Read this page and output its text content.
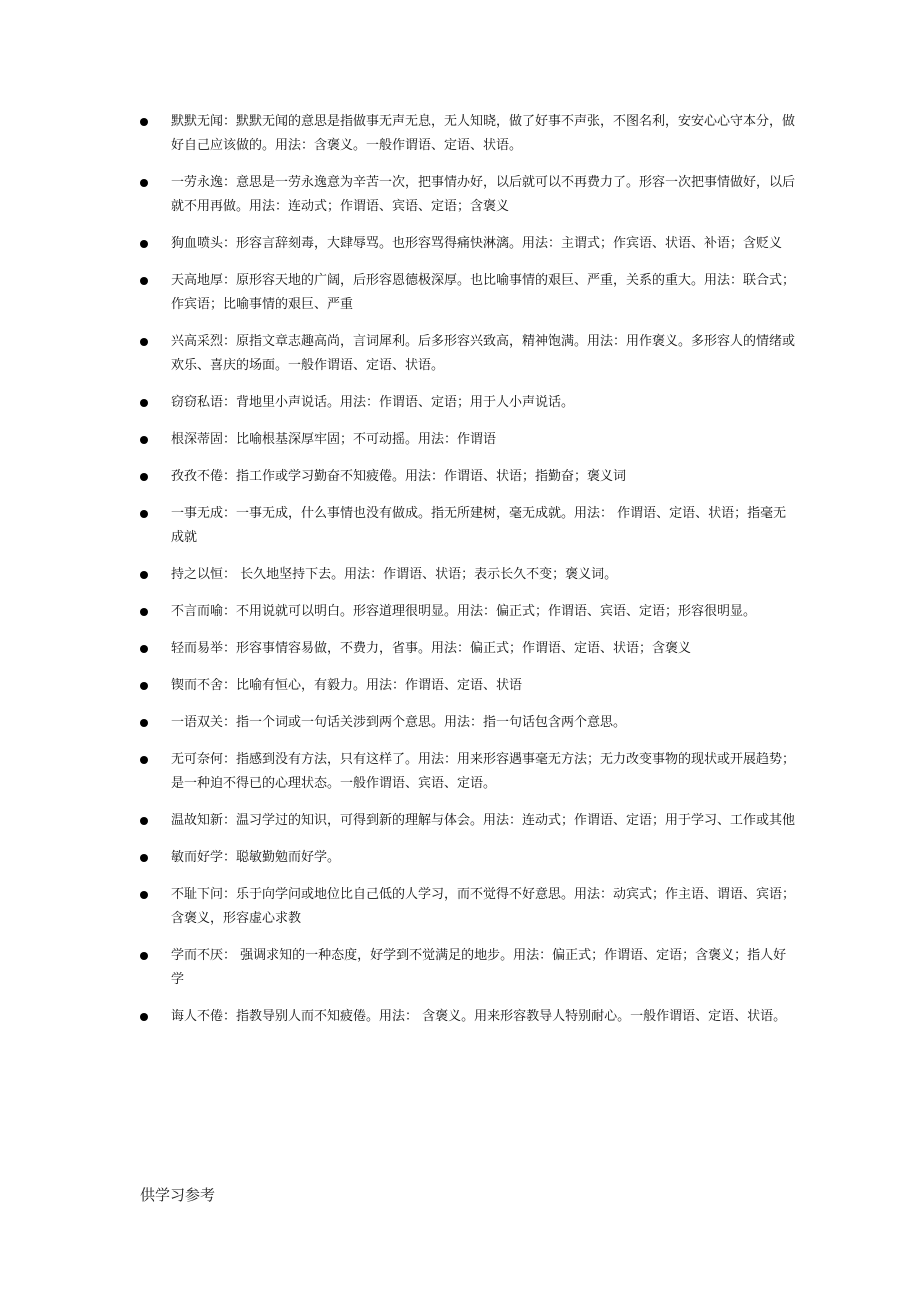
默默无闻：默默无闻的意思是指做事无声无息，无人知晓，做了好事不声张，不图名利，安安心心守本分，做好自己应该做的。用法：含褒义。一般作谓语、定语、状语。
一劳永逸：意思是一劳永逸意为辛苦一次，把事情办好，以后就可以不再费力了。形容一次把事情做好，以后就不用再做。用法：连动式；作谓语、宾语、定语；含褒义
狗血喷头：形容言辞刻毒，大肆辱骂。也形容骂得痛快淋漓。用法：主谓式；作宾语、状语、补语；含贬义
天高地厚：原形容天地的广阔，后形容恩德极深厚。也比喻事情的艰巨、严重，关系的重大。用法：联合式；作宾语；比喻事情的艰巨、严重
兴高采烈：原指文章志趣高尚，言词犀利。后多形容兴致高，精神饱满。用法：用作褒义。多形容人的情绪或欢乐、喜庆的场面。一般作谓语、定语、状语。
窃窃私语：背地里小声说话。用法：作谓语、定语；用于人小声说话。
根深蒂固：比喻根基深厚牢固；不可动摇。用法：作谓语
孜孜不倦：指工作或学习勤奋不知疲倦。用法：作谓语、状语；指勤奋；褒义词
一事无成：一事无成，什么事情也没有做成。指无所建树，毫无成就。用法： 作谓语、定语、状语；指毫无成就
持之以恒： 长久地坚持下去。用法：作谓语、状语；表示长久不变；褒义词。
不言而喻：不用说就可以明白。形容道理很明显。用法：偏正式；作谓语、宾语、定语；形容很明显。
轻而易举：形容事情容易做，不费力，省事。用法：偏正式；作谓语、定语、状语；含褒义
锲而不舍：比喻有恒心，有毅力。用法：作谓语、定语、状语
一语双关：指一个词或一句话关涉到两个意思。用法：指一句话包含两个意思。
无可奈何：指感到没有方法，只有这样了。用法：用来形容遇事毫无方法；无力改变事物的现状或开展趋势；是一种迫不得已的心理状态。一般作谓语、宾语、定语。
温故知新：温习学过的知识，可得到新的理解与体会。用法：连动式；作谓语、定语；用于学习、工作或其他
敏而好学：聪敏勤勉而好学。
不耻下问：乐于向学问或地位比自己低的人学习，而不觉得不好意思。用法：动宾式；作主语、谓语、宾语；含褒义，形容虚心求教
学而不厌： 强调求知的一种态度，好学到不觉满足的地步。用法：偏正式；作谓语、定语；含褒义；指人好学
诲人不倦：指教导别人而不知疲倦。用法： 含褒义。用来形容教导人特别耐心。一般作谓语、定语、状语。
供学习参考
